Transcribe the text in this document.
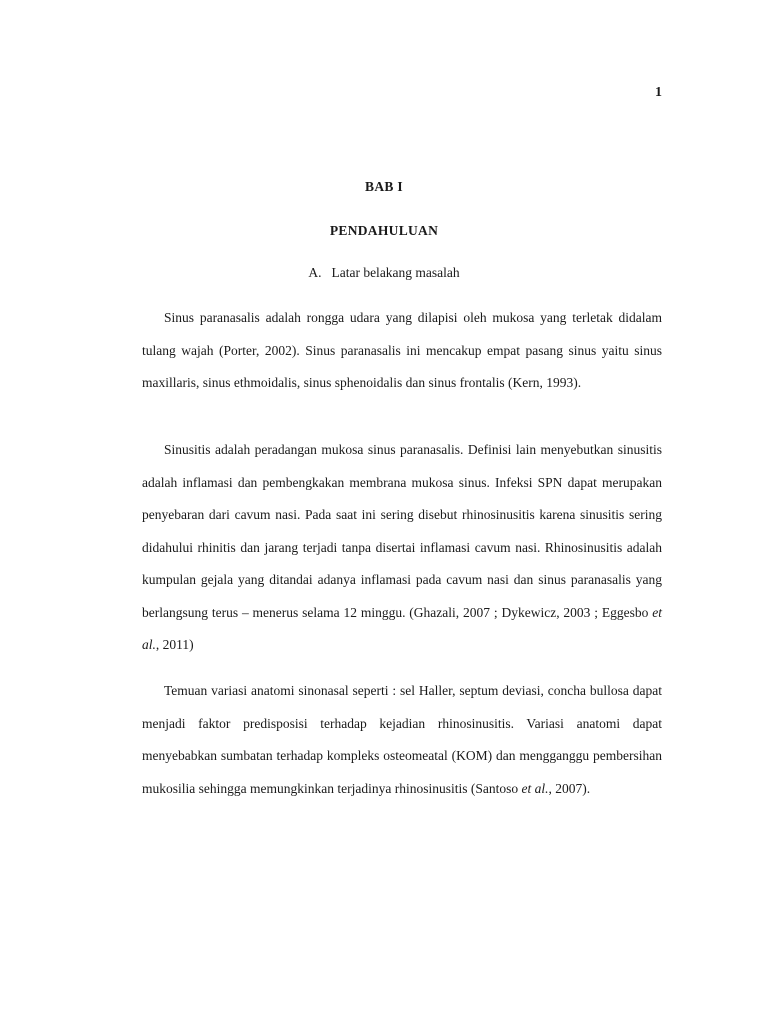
1
BAB I
PENDAHULUAN
A. Latar belakang masalah

Sinus paranasalis adalah rongga udara yang dilapisi oleh mukosa yang terletak didalam tulang wajah (Porter, 2002). Sinus paranasalis ini mencakup empat pasang sinus yaitu sinus maxillaris, sinus ethmoidalis, sinus sphenoidalis dan sinus frontalis (Kern, 1993).

Sinusitis adalah peradangan mukosa sinus paranasalis. Definisi lain menyebutkan sinusitis adalah inflamasi dan pembengkakan membrana mukosa sinus. Infeksi SPN dapat merupakan penyebaran dari cavum nasi. Pada saat ini sering disebut rhinosinusitis karena sinusitis sering didahului rhinitis dan jarang terjadi tanpa disertai inflamasi cavum nasi. Rhinosinusitis adalah kumpulan gejala yang ditandai adanya inflamasi pada cavum nasi dan sinus paranasalis yang berlangsung terus – menerus selama 12 minggu. (Ghazali, 2007 ; Dykewicz, 2003 ; Eggesbo et al., 2011)

Temuan variasi anatomi sinonasal seperti : sel Haller, septum deviasi, concha bullosa dapat menjadi faktor predisposisi terhadap kejadian rhinosinusitis. Variasi anatomi dapat menyebabkan sumbatan terhadap kompleks osteomeatal (KOM) dan mengganggu pembersihan mukosilia sehingga memungkinkan terjadinya rhinosinusitis (Santoso et al., 2007).
